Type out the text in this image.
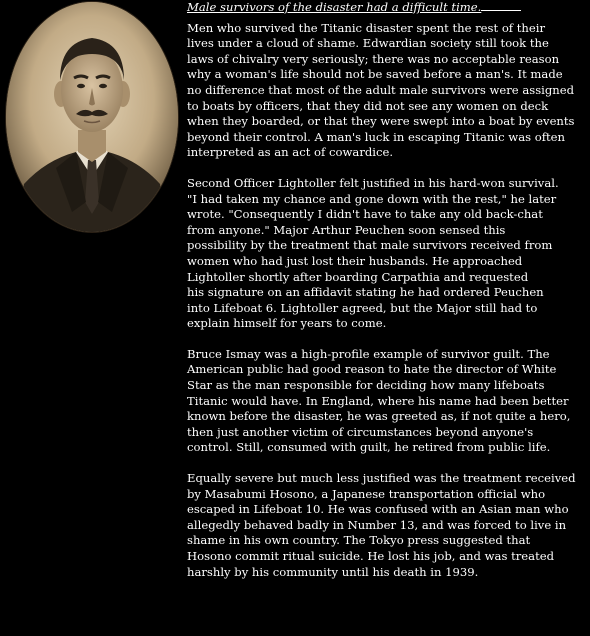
Male survivors of the disaster had a difficult time.
Men who survived the Titanic disaster spent the rest of their
lives under a cloud of shame. Edwardian society still took the
laws of chivalry very seriously; there was no acceptable reason
why a woman's life should not be saved before a man's. It made
no difference that most of the adult male survivors were assigned
to boats by officers, that they did not see any women on deck
when they boarded, or that they were swept into a boat by events
beyond their control. A man's luck in escaping Titanic was often
interpreted as an act of cowardice.
Second Officer Lightoller felt justified in his hard-won survival.
"I had taken my chance and gone down with the rest," he later
wrote. "Consequently I didn't have to take any old back-chat
from anyone." Major Arthur Peuchen soon sensed this
possibility by the treatment that male survivors received from
women who had just lost their husbands. He approached
Lightoller shortly after boarding Carpathia and requested
his signature on an affidavit stating he had ordered Peuchen
into Lifeboat 6. Lightoller agreed, but the Major still had to
explain himself for years to come.
Bruce Ismay was a high-profile example of survivor guilt. The
American public had good reason to hate the director of White
Star as the man responsible for deciding how many lifeboats
Titanic would have. In England, where his name had been better
known before the disaster, he was greeted as, if not quite a hero,
then just another victim of circumstances beyond anyone's
control. Still, consumed with guilt, he retired from public life.
Equally severe but much less justified was the treatment received
by Masabumi Hosono, a Japanese transportation official who
escaped in Lifeboat 10. He was confused with an Asian man who
allegedly behaved badly in Number 13, and was forced to live in
shame in his own country. The Tokyo press suggested that
Hosono commit ritual suicide. He lost his job, and was treated
harshly by his community until his death in 1939.
